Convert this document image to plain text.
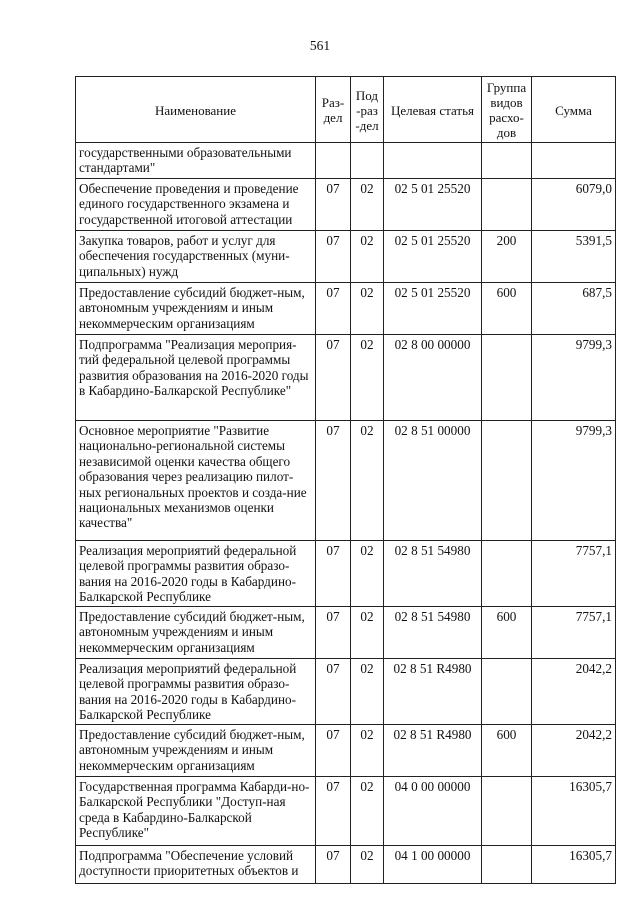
561
Наименование	Раз-дел	Под-раз-дел	Целевая статья	Группа видов расхо-дов	Сумма
государственными образовательными стандартами"					
Обеспечение проведения и проведение единого государственного экзамена и государственной итоговой аттестации	07	02	02 5 01 25520		6079,0
Закупка товаров, работ и услуг для обеспечения государственных (муни-ципальных) нужд	07	02	02 5 01 25520	200	5391,5
Предоставление субсидий бюджет-ным, автономным учреждениям и иным некоммерческим организациям	07	02	02 5 01 25520	600	687,5
Подпрограмма "Реализация мероприя-тий федеральной целевой программы развития образования на 2016-2020 годы в Кабардино-Балкарской Республике"	07	02	02 8 00 00000		9799,3
Основное мероприятие "Развитие национально-региональной системы независимой оценки качества общего образования через реализацию пилот-ных региональных проектов и созда-ние национальных механизмов оценки качества"	07	02	02 8 51 00000		9799,3
Реализация мероприятий федеральной целевой программы развития образо-вания на 2016-2020 годы в Кабардино-Балкарской Республике	07	02	02 8 51 54980		7757,1
Предоставление субсидий бюджет-ным, автономным учреждениям и иным некоммерческим организациям	07	02	02 8 51 54980	600	7757,1
Реализация мероприятий федеральной целевой программы развития образо-вания на 2016-2020 годы в Кабардино-Балкарской Республике	07	02	02 8 51 R4980		2042,2
Предоставление субсидий бюджет-ным, автономным учреждениям и иным некоммерческим организациям	07	02	02 8 51 R4980	600	2042,2
Государственная программа Кабарди-но-Балкарской Республики "Доступ-ная среда в Кабардино-Балкарской Республике"	07	02	04 0 00 00000		16305,7
Подпрограмма "Обеспечение условий доступности приоритетных объектов и	07	02	04 1 00 00000		16305,7
